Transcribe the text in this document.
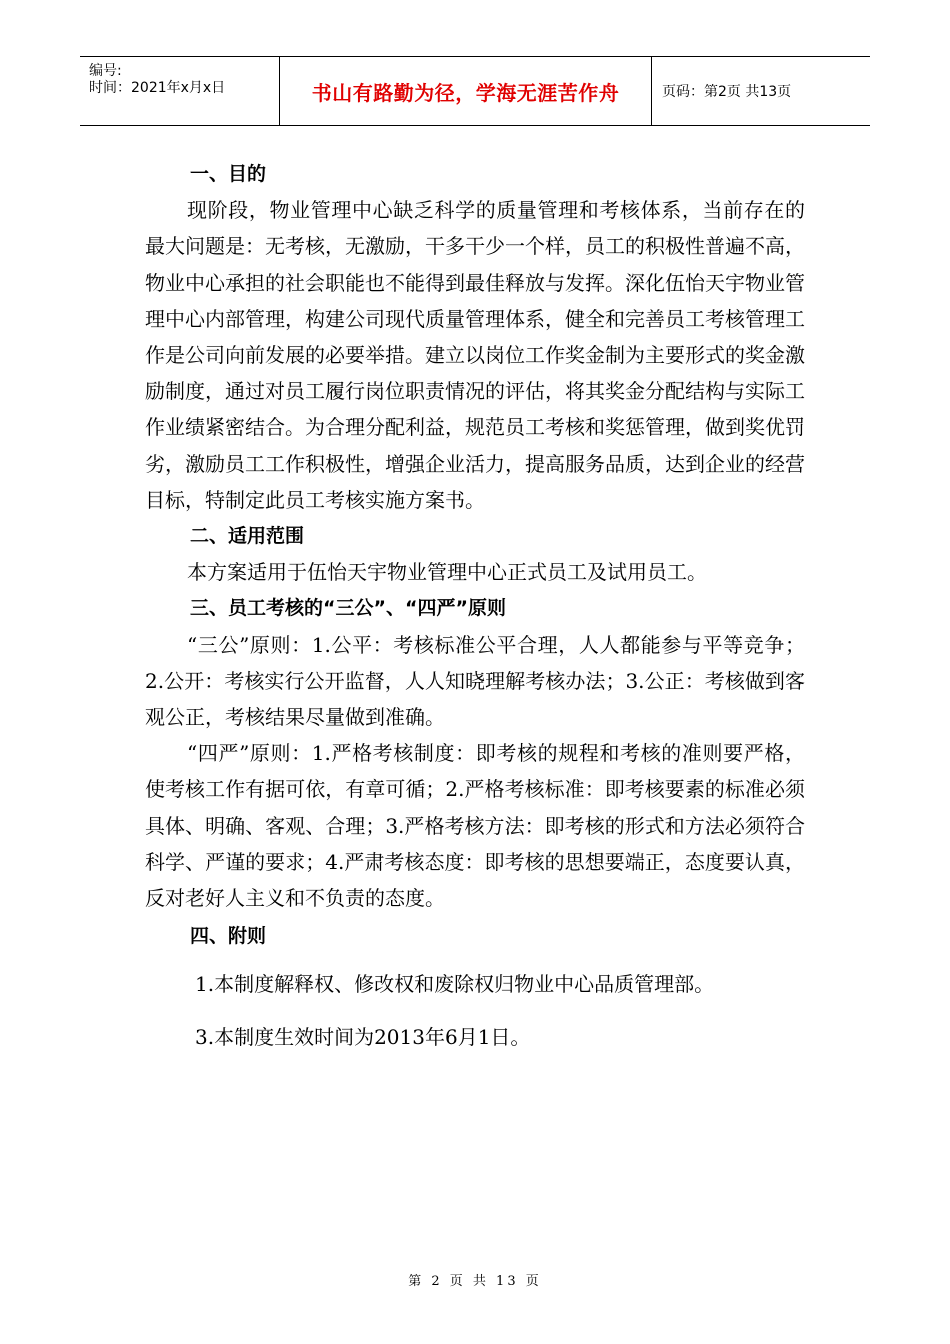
编号:
时间：2021年x月x日	书山有路勤为径，学海无涯苦作舟	页码：第2页 共13页

一、目的

现阶段，物业管理中心缺乏科学的质量管理和考核体系，当前存在的最大问题是：无考核，无激励，干多干少一个样，员工的积极性普遍不高，物业中心承担的社会职能也不能得到最佳释放与发挥。深化伍怡天宇物业管理中心内部管理，构建公司现代质量管理体系，健全和完善员工考核管理工作是公司向前发展的必要举措。建立以岗位工作奖金制为主要形式的奖金激励制度，通过对员工履行岗位职责情况的评估，将其奖金分配结构与实际工作业绩紧密结合。为合理分配利益，规范员工考核和奖惩管理，做到奖优罚劣，激励员工工作积极性，增强企业活力，提高服务品质，达到企业的经营目标，特制定此员工考核实施方案书。

二、适用范围

本方案适用于伍怡天宇物业管理中心正式员工及试用员工。

三、员工考核的“三公”、“四严”原则

“三公”原则：1.公平：考核标准公平合理，人人都能参与平等竞争；2.公开：考核实行公开监督，人人知晓理解考核办法；3.公正：考核做到客观公正，考核结果尽量做到准确。

“四严”原则：1.严格考核制度：即考核的规程和考核的准则要严格，使考核工作有据可依，有章可循；2.严格考核标准：即考核要素的标准必须具体、明确、客观、合理；3.严格考核方法：即考核的形式和方法必须符合科学、严谨的要求；4.严肃考核态度：即考核的思想要端正，态度要认真，反对老好人主义和不负责的态度。

四、附则

1.本制度解释权、修改权和废除权归物业中心品质管理部。

3.本制度生效时间为2013年6月1日。

第 2 页 共 13 页
